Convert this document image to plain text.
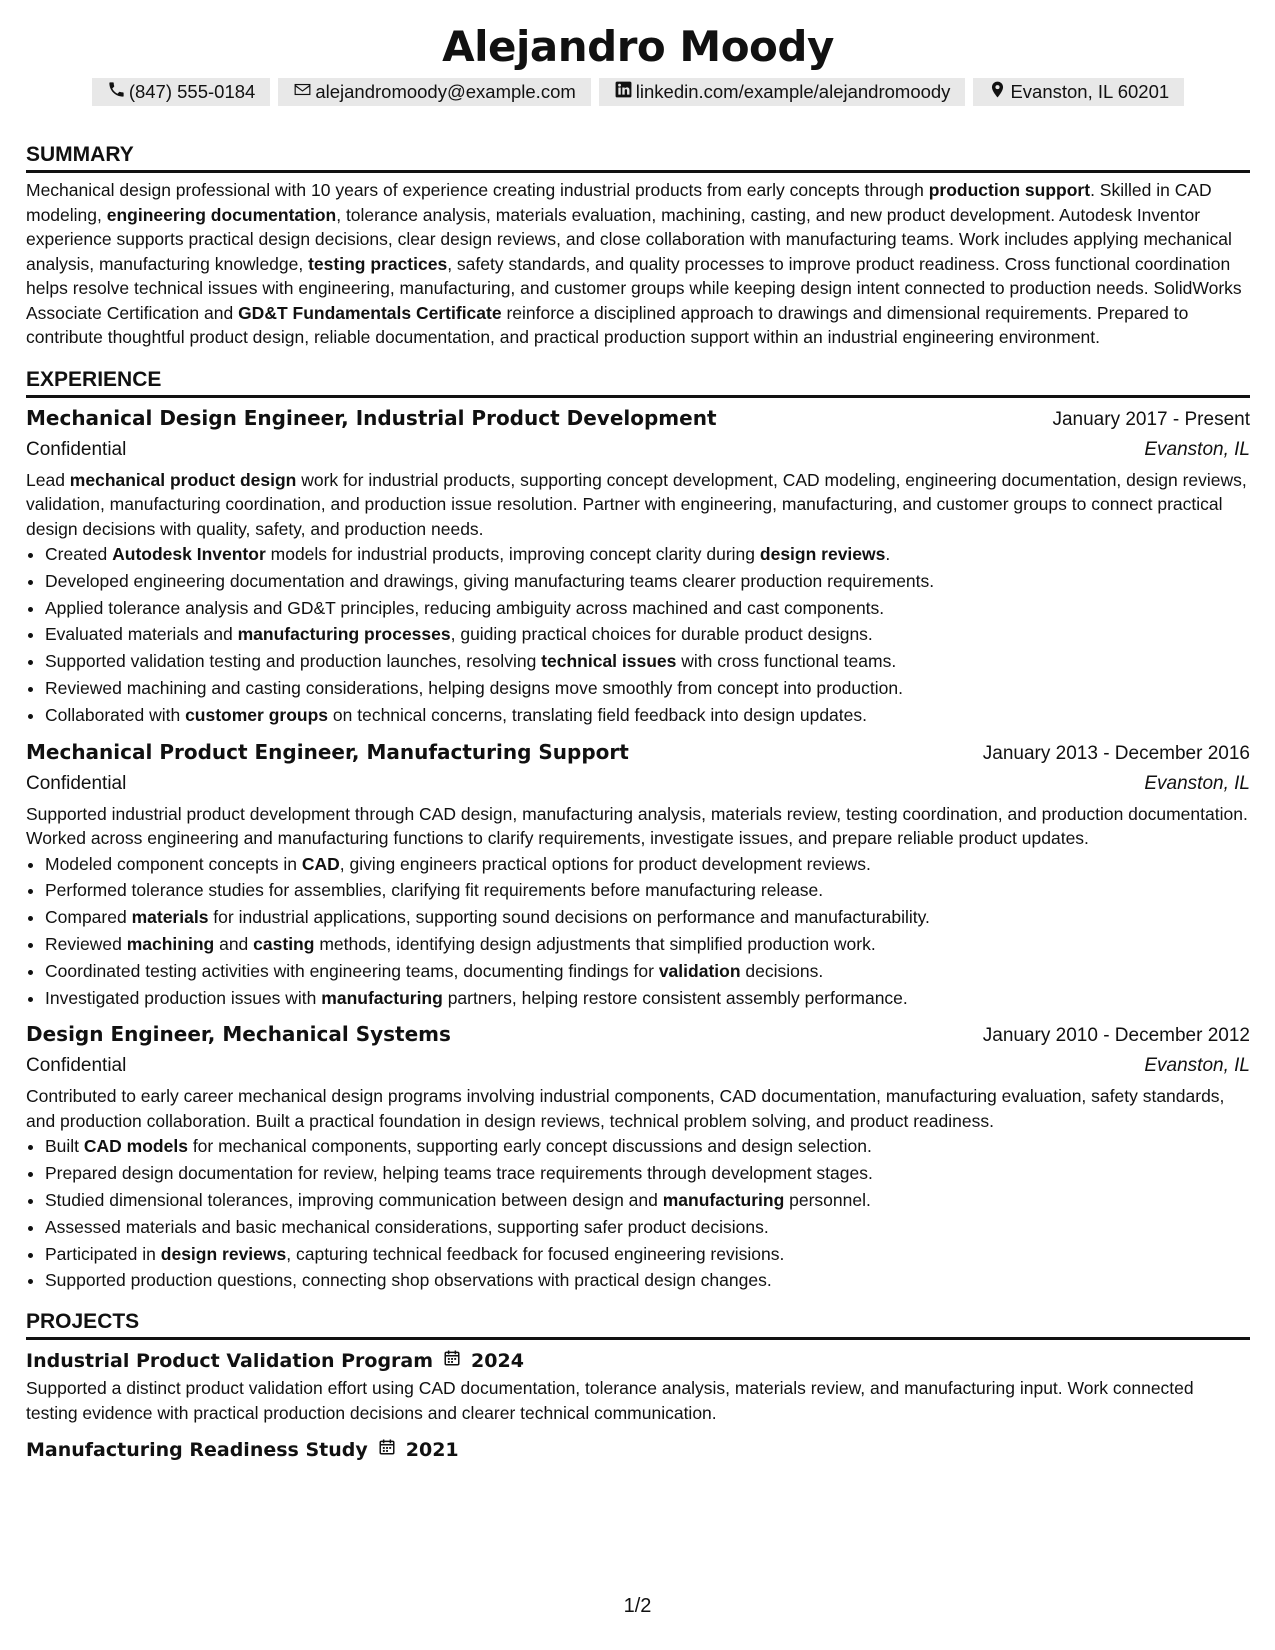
Alejandro Moody
(847) 555-0184	alejandromoody@example.com	linkedin.com/example/alejandromoody	Evanston, IL 60201
SUMMARY
Mechanical design professional with 10 years of experience creating industrial products from early concepts through production support. Skilled in CAD modeling, engineering documentation, tolerance analysis, materials evaluation, machining, casting, and new product development. Autodesk Inventor experience supports practical design decisions, clear design reviews, and close collaboration with manufacturing teams. Work includes applying mechanical analysis, manufacturing knowledge, testing practices, safety standards, and quality processes to improve product readiness. Cross functional coordination helps resolve technical issues with engineering, manufacturing, and customer groups while keeping design intent connected to production needs. SolidWorks Associate Certification and GD&T Fundamentals Certificate reinforce a disciplined approach to drawings and dimensional requirements. Prepared to contribute thoughtful product design, reliable documentation, and practical production support within an industrial engineering environment.
EXPERIENCE
Mechanical Design Engineer, Industrial Product Development	January 2017 - Present
Confidential	Evanston, IL
Lead mechanical product design work for industrial products, supporting concept development, CAD modeling, engineering documentation, design reviews, validation, manufacturing coordination, and production issue resolution. Partner with engineering, manufacturing, and customer groups to connect practical design decisions with quality, safety, and production needs.
• Created Autodesk Inventor models for industrial products, improving concept clarity during design reviews.
• Developed engineering documentation and drawings, giving manufacturing teams clearer production requirements.
• Applied tolerance analysis and GD&T principles, reducing ambiguity across machined and cast components.
• Evaluated materials and manufacturing processes, guiding practical choices for durable product designs.
• Supported validation testing and production launches, resolving technical issues with cross functional teams.
• Reviewed machining and casting considerations, helping designs move smoothly from concept into production.
• Collaborated with customer groups on technical concerns, translating field feedback into design updates.
Mechanical Product Engineer, Manufacturing Support	January 2013 - December 2016
Confidential	Evanston, IL
Supported industrial product development through CAD design, manufacturing analysis, materials review, testing coordination, and production documentation. Worked across engineering and manufacturing functions to clarify requirements, investigate issues, and prepare reliable product updates.
• Modeled component concepts in CAD, giving engineers practical options for product development reviews.
• Performed tolerance studies for assemblies, clarifying fit requirements before manufacturing release.
• Compared materials for industrial applications, supporting sound decisions on performance and manufacturability.
• Reviewed machining and casting methods, identifying design adjustments that simplified production work.
• Coordinated testing activities with engineering teams, documenting findings for validation decisions.
• Investigated production issues with manufacturing partners, helping restore consistent assembly performance.
Design Engineer, Mechanical Systems	January 2010 - December 2012
Confidential	Evanston, IL
Contributed to early career mechanical design programs involving industrial components, CAD documentation, manufacturing evaluation, safety standards, and production collaboration. Built a practical foundation in design reviews, technical problem solving, and product readiness.
• Built CAD models for mechanical components, supporting early concept discussions and design selection.
• Prepared design documentation for review, helping teams trace requirements through development stages.
• Studied dimensional tolerances, improving communication between design and manufacturing personnel.
• Assessed materials and basic mechanical considerations, supporting safer product decisions.
• Participated in design reviews, capturing technical feedback for focused engineering revisions.
• Supported production questions, connecting shop observations with practical design changes.
PROJECTS
Industrial Product Validation Program 2024
Supported a distinct product validation effort using CAD documentation, tolerance analysis, materials review, and manufacturing input. Work connected testing evidence with practical production decisions and clearer technical communication.
Manufacturing Readiness Study 2021
1/2
